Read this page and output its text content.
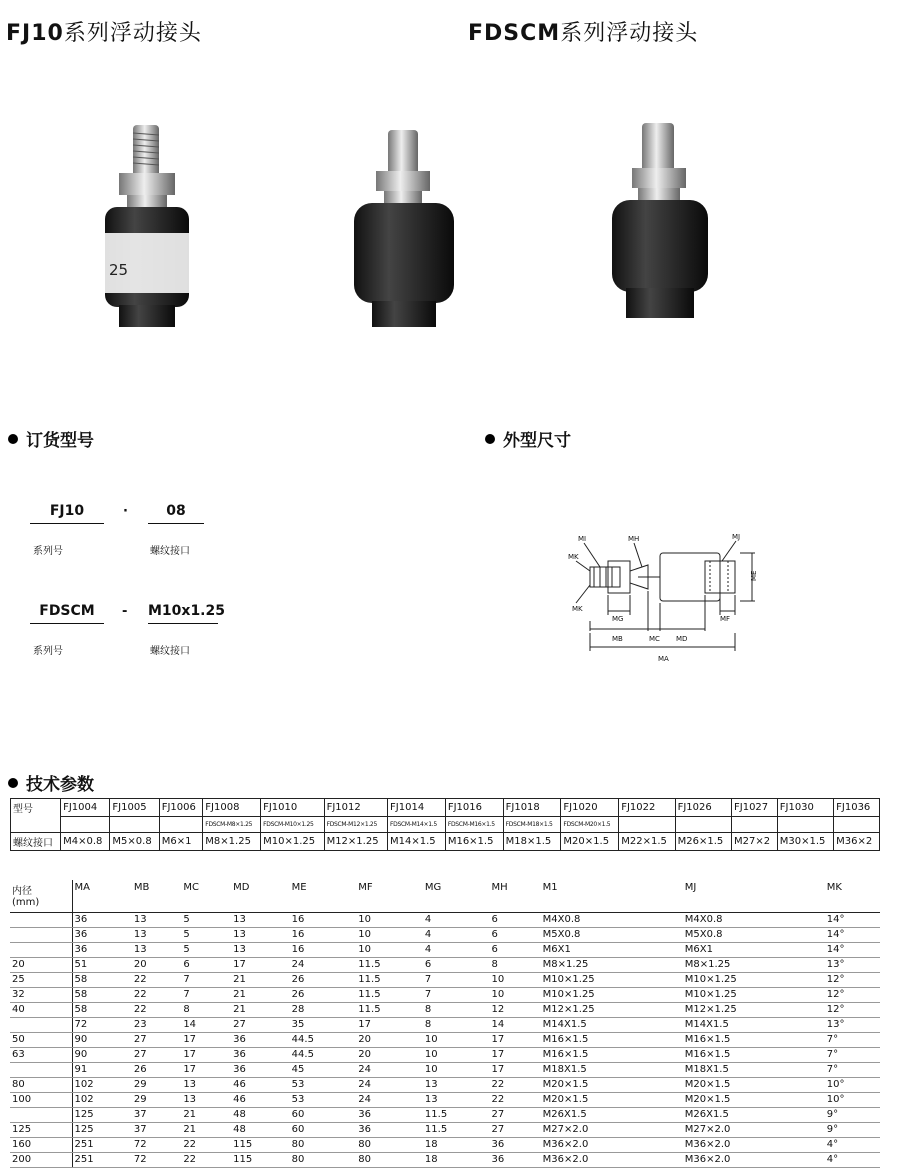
FJ10系列浮动接头	FDSCM系列浮动接头
25
订货型号	外型尺寸
技术参数
FJ10	·	08
系列号	螺纹接口
FDSCM	- M10x1.25
系列号	螺纹接口
MI	MH	MJ
MK
MK
ME
MG	MF
MB	MC MD
MA
型号	FJ1004	FJ1005	FJ1006	FJ1008	FJ1010	FJ1012	FJ1014	FJ1016	FJ1018	FJ1020	FJ1022	FJ1026	FJ1027	FJ1030	FJ1036
				FDSCM-M8×1.25	FDSCM-M10×1.25	FDSCM-M12×1.25	FDSCM-M14×1.5	FDSCM-M16×1.5	FDSCM-M18×1.5	FDSCM-M20×1.5					
螺纹接口	M4×0.8	M5×0.8	M6×1	M8×1.25	M10×1.25	M12×1.25	M14×1.5	M16×1.5	M18×1.5	M20×1.5	M22×1.5	M26×1.5	M27×2	M30×1.5	M36×2
内径
(mm)	MA	MB	MC	MD	ME	MF	MG	MH	M1	MJ	MK
	36	13	5	13	16	10	4	6	M4X0.8	M4X0.8	14°
	36	13	5	13	16	10	4	6	M5X0.8	M5X0.8	14°
	36	13	5	13	16	10	4	6	M6X1	M6X1	14°
20	51	20	6	17	24	11.5	6	8	M8×1.25	M8×1.25	13°
25	58	22	7	21	26	11.5	7	10	M10×1.25	M10×1.25	12°
32	58	22	7	21	26	11.5	7	10	M10×1.25	M10×1.25	12°
40	58	22	8	21	28	11.5	8	12	M12×1.25	M12×1.25	12°
	72	23	14	27	35	17	8	14	M14X1.5	M14X1.5	13°
50	90	27	17	36	44.5	20	10	17	M16×1.5	M16×1.5	7°
63	90	27	17	36	44.5	20	10	17	M16×1.5	M16×1.5	7°
	91	26	17	36	45	24	10	17	M18X1.5	M18X1.5	7°
80	102	29	13	46	53	24	13	22	M20×1.5	M20×1.5	10°
100	102	29	13	46	53	24	13	22	M20×1.5	M20×1.5	10°
	125	37	21	48	60	36	11.5	27	M26X1.5	M26X1.5	9°
125	125	37	21	48	60	36	11.5	27	M27×2.0	M27×2.0	9°
160	251	72	22	115	80	80	18	36	M36×2.0	M36×2.0	4°
200	251	72	22	115	80	80	18	36	M36×2.0	M36×2.0	4°
